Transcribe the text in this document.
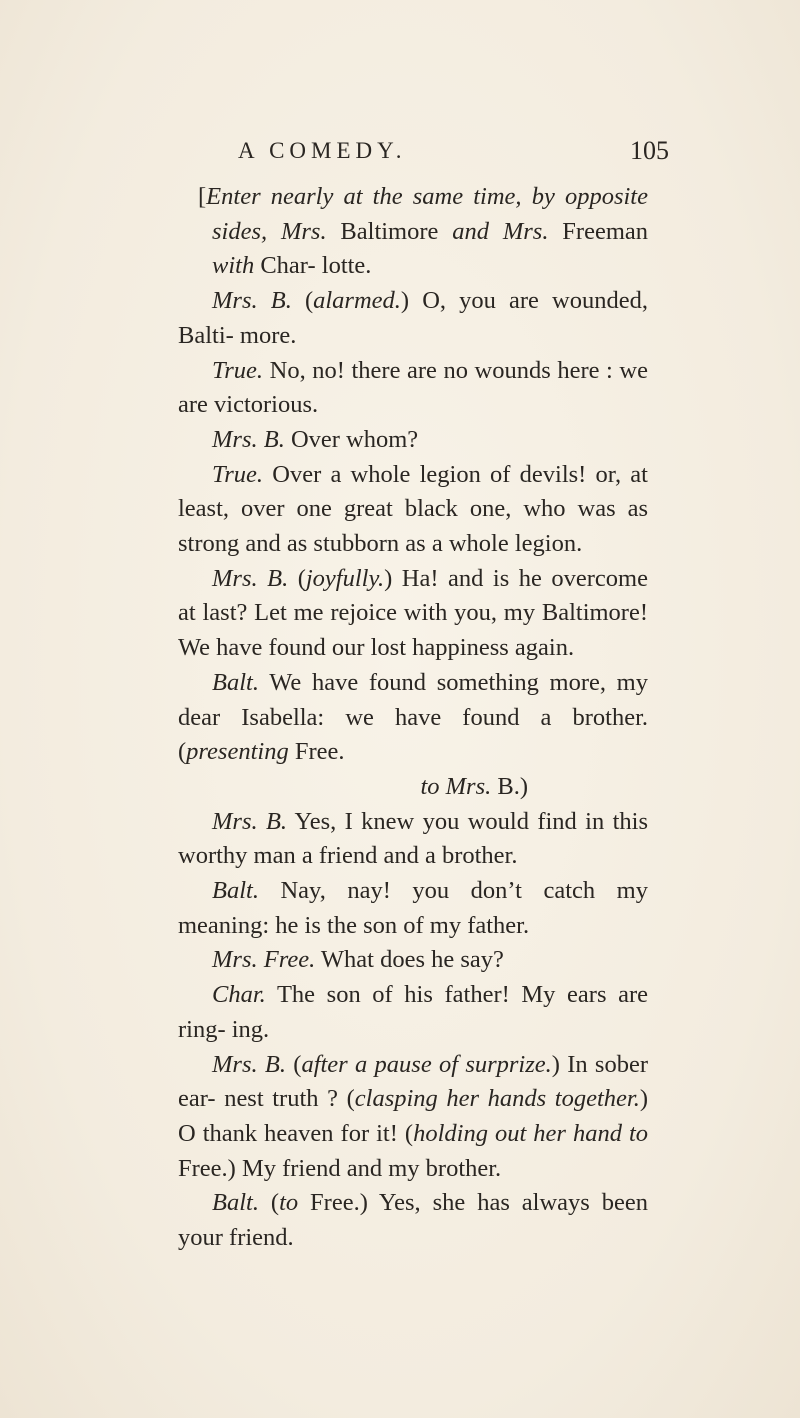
A COMEDY.	105

[Enter nearly at the same time, by opposite sides, Mrs. Baltimore and Mrs. Freeman with Char- lotte.

Mrs. B. (alarmed.) O, you are wounded, Balti- more.

True. No, no! there are no wounds here : we are victorious.

Mrs. B. Over whom?

True. Over a whole legion of devils! or, at least, over one great black one, who was as strong and as stubborn as a whole legion.

Mrs. B. (joyfully.) Ha! and is he overcome at last? Let me rejoice with you, my Baltimore! We have found our lost happiness again.

Balt. We have found something more, my dear Isabella: we have found a brother. (presenting Free.

to Mrs. B.)

Mrs. B. Yes, I knew you would find in this worthy man a friend and a brother.

Balt. Nay, nay! you don’t catch my meaning: he is the son of my father.

Mrs. Free. What does he say?

Char. The son of his father! My ears are ring- ing.

Mrs. B. (after a pause of surprize.) In sober ear- nest truth ? (clasping her hands together.) O thank heaven for it! (holding out her hand to Free.) My friend and my brother.

Balt. (to Free.) Yes, she has always been your friend.
